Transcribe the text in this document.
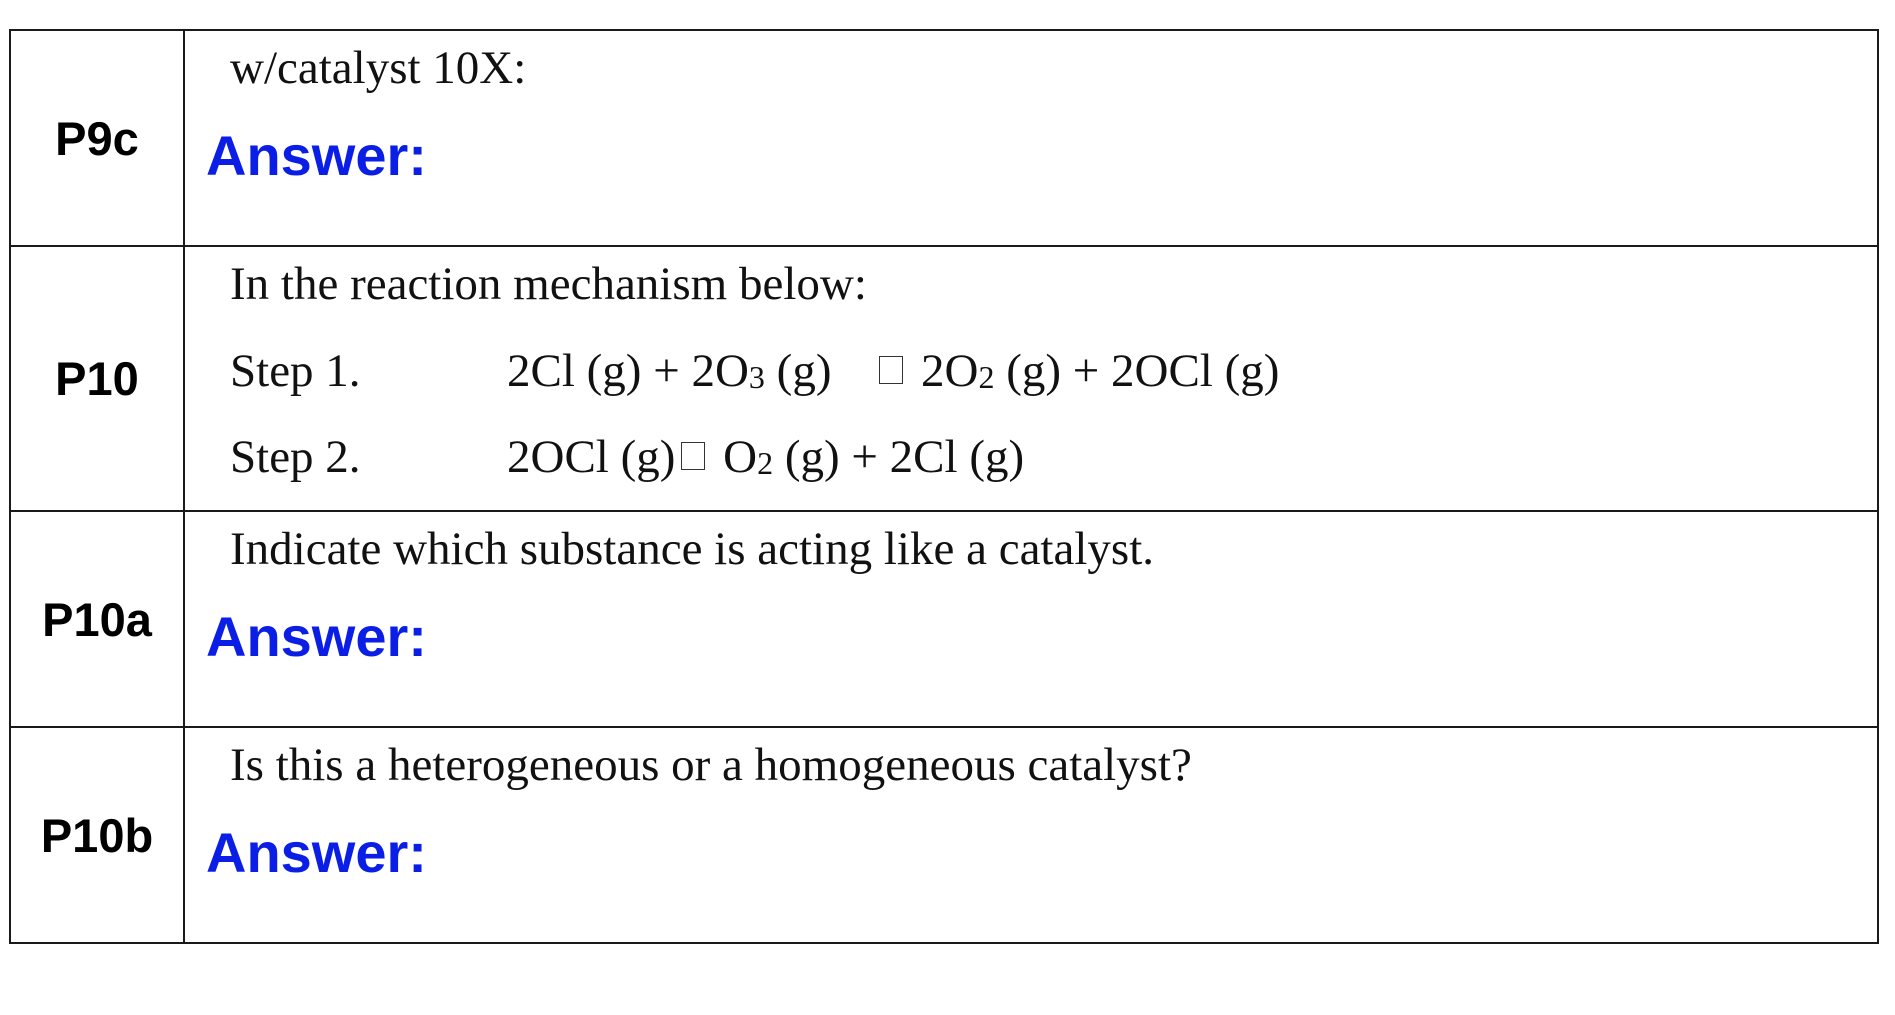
P9c	w/catalyst 10X:
Answer:

P10	In the reaction mechanism below:
Step 1. 2Cl (g) + 2O3 (g)  2O2 (g) + 2OCl (g)
Step 2. 2OCl (g) O2 (g) + 2Cl (g)

P10a	Indicate which substance is acting like a catalyst.
Answer:

P10b	Is this a heterogeneous or a homogeneous catalyst?
Answer:
